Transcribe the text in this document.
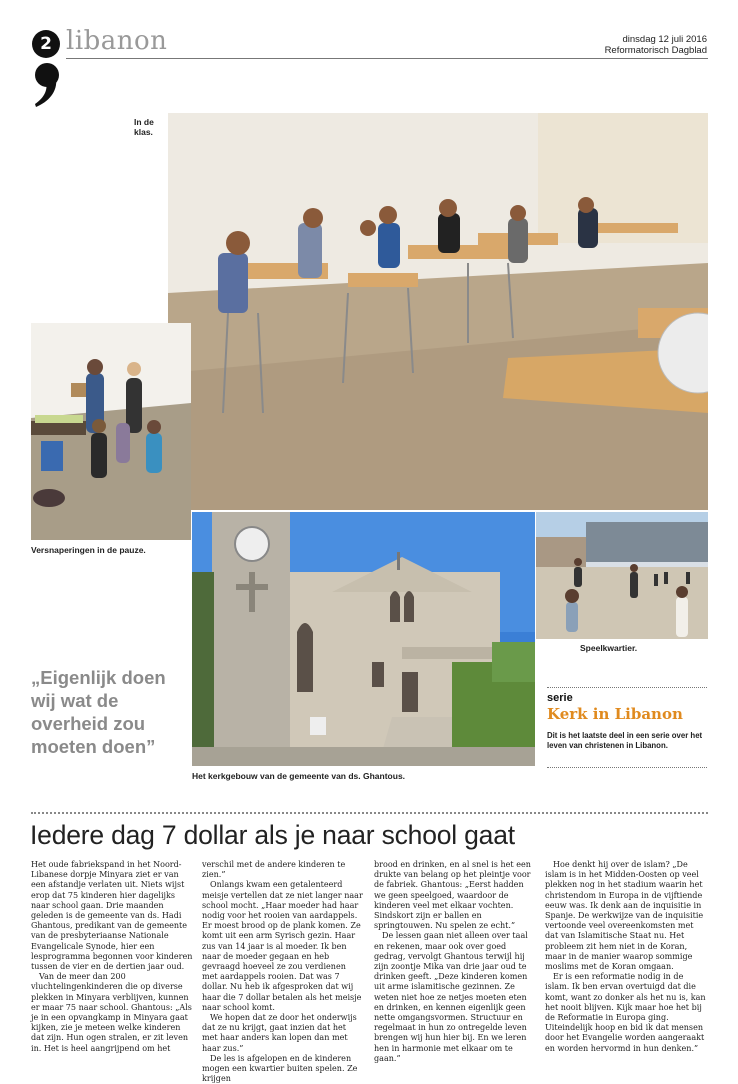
2 libanon	dinsdag 12 juli 2016
Reformatorisch Dagblad
In de klas.
Versnaperingen in de pauze.
Het kerkgebouw van de gemeente van ds. Ghantous.
Speelkwartier.
„Eigenlijk doen wij wat de overheid zou moeten doen”
serie
Kerk in Libanon
Dit is het laatste deel in een serie over het leven van christenen in Libanon.
Iedere dag 7 dollar als je naar school gaat

Het oude fabriekspand in het Noord-Libanese dorpje Minyara ziet er van een afstandje verlaten uit. Niets wijst erop dat 75 kinderen hier dagelijks naar school gaan. Drie maanden geleden is de gemeente van ds. Hadi Ghantous, predikant van de gemeente van de presbyteriaanse Nationale Evangelicale Synode, hier een lesprogramma begonnen voor kinderen tussen de vier en de dertien jaar oud.

Van de meer dan 200 vluchtelingenkinderen die op diverse plekken in Minyara verblijven, kunnen er maar 75 naar school. Ghantous: „Als je in een opvangkamp in Minyara gaat kijken, zie je meteen welke kinderen dat zijn. Hun ogen stralen, er zit leven in. Het is heel aangrijpend om het

verschil met de andere kinderen te zien.”

Onlangs kwam een getalenteerd meisje vertellen dat ze niet langer naar school mocht. „Haar moeder had haar nodig voor het rooien van aardappels. Er moest brood op de plank komen. Ze komt uit een arm Syrisch gezin. Haar zus van 14 jaar is al moeder. Ik ben naar de moeder gegaan en heb gevraagd hoeveel ze zou verdienen met aardappels rooien. Dat was 7 dollar. Nu heb ik afgesproken dat wij haar die 7 dollar betalen als het meisje naar school komt.

We hopen dat ze door het onderwijs dat ze nu krijgt, gaat inzien dat het met haar anders kan lopen dan met haar zus.”

De les is afgelopen en de kinderen mogen een kwartier buiten spelen. Ze krijgen

brood en drinken, en al snel is het een drukte van belang op het pleintje voor de fabriek. Ghantous: „Eerst hadden we geen speelgoed, waardoor de kinderen veel met elkaar vochten. Sindskort zijn er ballen en springtouwen. Nu spelen ze echt.”

De lessen gaan niet alleen over taal en rekenen, maar ook over goed gedrag, vervolgt Ghantous terwijl hij zijn zoontje Mika van drie jaar oud te drinken geeft. „Deze kinderen komen uit arme islamitische gezinnen. Ze weten niet hoe ze netjes moeten eten en drinken, en kennen eigenlijk geen nette omgangsvormen. Structuur en regelmaat in hun zo ontregelde leven brengen wij hun hier bij. En we leren hen in harmonie met elkaar om te gaan.”

Hoe denkt hij over de islam? „De islam is in het Midden-Oosten op veel plekken nog in het stadium waarin het christendom in Europa in de vijftiende eeuw was. Ik denk aan de inquisitie in Spanje. De werkwijze van de inquisitie vertoonde veel overeenkomsten met dat van Islamitische Staat nu. Het probleem zit hem niet in de Koran, maar in de manier waarop sommige moslims met de Koran omgaan.

Er is een reformatie nodig in de islam. Ik ben ervan overtuigd dat die komt, want zo donker als het nu is, kan het nooit blijven. Kijk maar hoe het bij de Reformatie in Europa ging. Uiteindelijk hoop en bid ik dat mensen door het Evangelie worden aangeraakt en worden hervormd in hun denken.”
